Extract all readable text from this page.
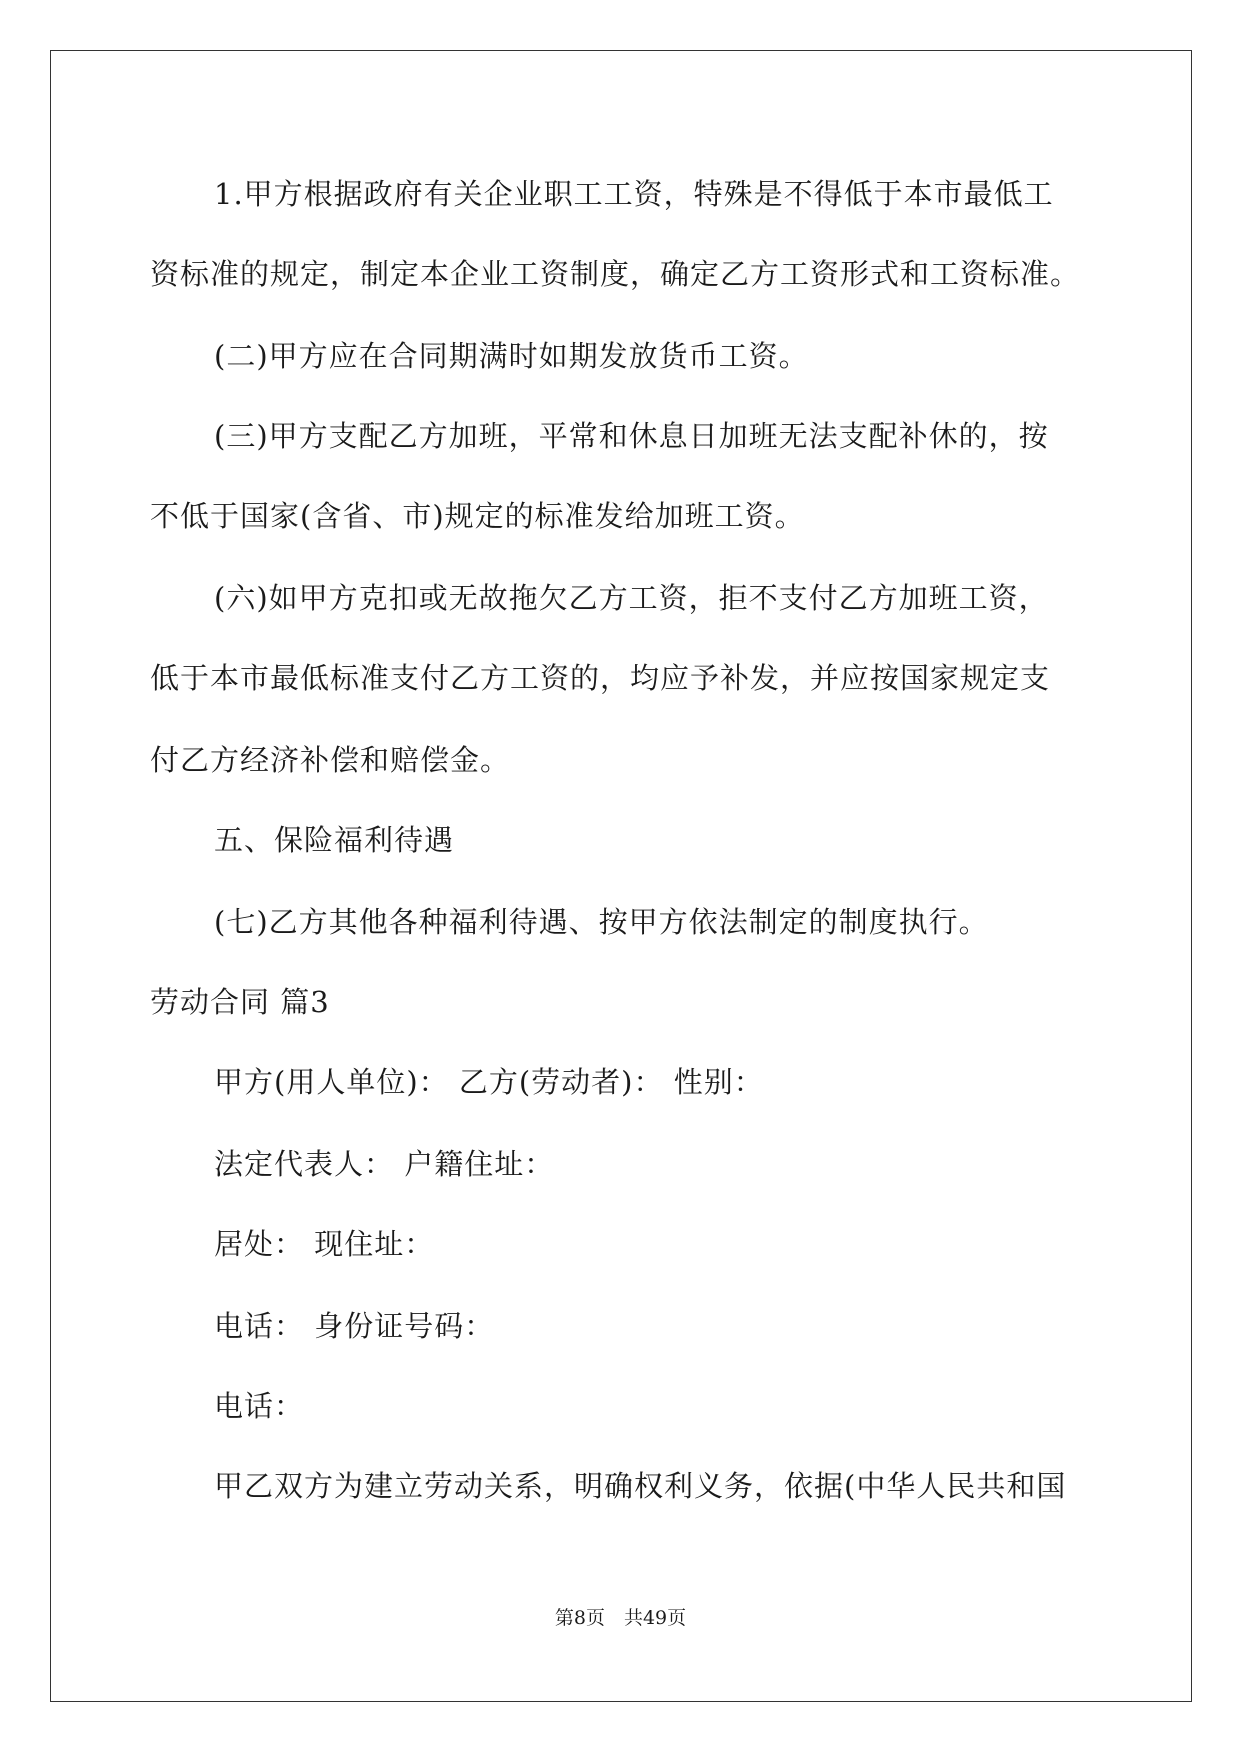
1.甲方根据政府有关企业职工工资，特殊是不得低于本市最低工
资标准的规定，制定本企业工资制度，确定乙方工资形式和工资标准。
(二)甲方应在合同期满时如期发放货币工资。
(三)甲方支配乙方加班，平常和休息日加班无法支配补休的，按
不低于国家(含省、市)规定的标准发给加班工资。
(六)如甲方克扣或无故拖欠乙方工资，拒不支付乙方加班工资，
低于本市最低标准支付乙方工资的，均应予补发，并应按国家规定支
付乙方经济补偿和赔偿金。
五、保险福利待遇
(七)乙方其他各种福利待遇、按甲方依法制定的制度执行。
劳动合同 篇3
甲方(用人单位)： 乙方(劳动者)： 性别：
法定代表人： 户籍住址：
居处： 现住址：
电话： 身份证号码：
电话：
甲乙双方为建立劳动关系，明确权利义务，依据(中华人民共和国
第8页　共49页
